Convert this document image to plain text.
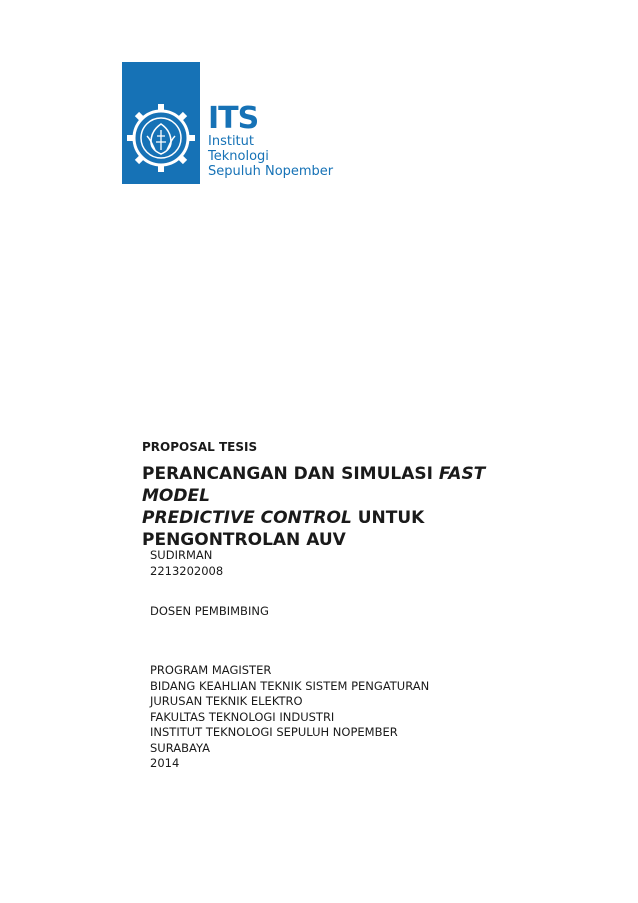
ITS
Institut
Teknologi
Sepuluh Nopember
PROPOSAL TESIS
PERANCANGAN DAN SIMULASI FAST MODEL
PREDICTIVE CONTROL UNTUK
PENGONTROLAN AUV
SUDIRMAN
2213202008
DOSEN PEMBIMBING
PROGRAM MAGISTER
BIDANG KEAHLIAN TEKNIK SISTEM PENGATURAN
JURUSAN TEKNIK ELEKTRO
FAKULTAS TEKNOLOGI INDUSTRI
INSTITUT TEKNOLOGI SEPULUH NOPEMBER
SURABAYA
2014
